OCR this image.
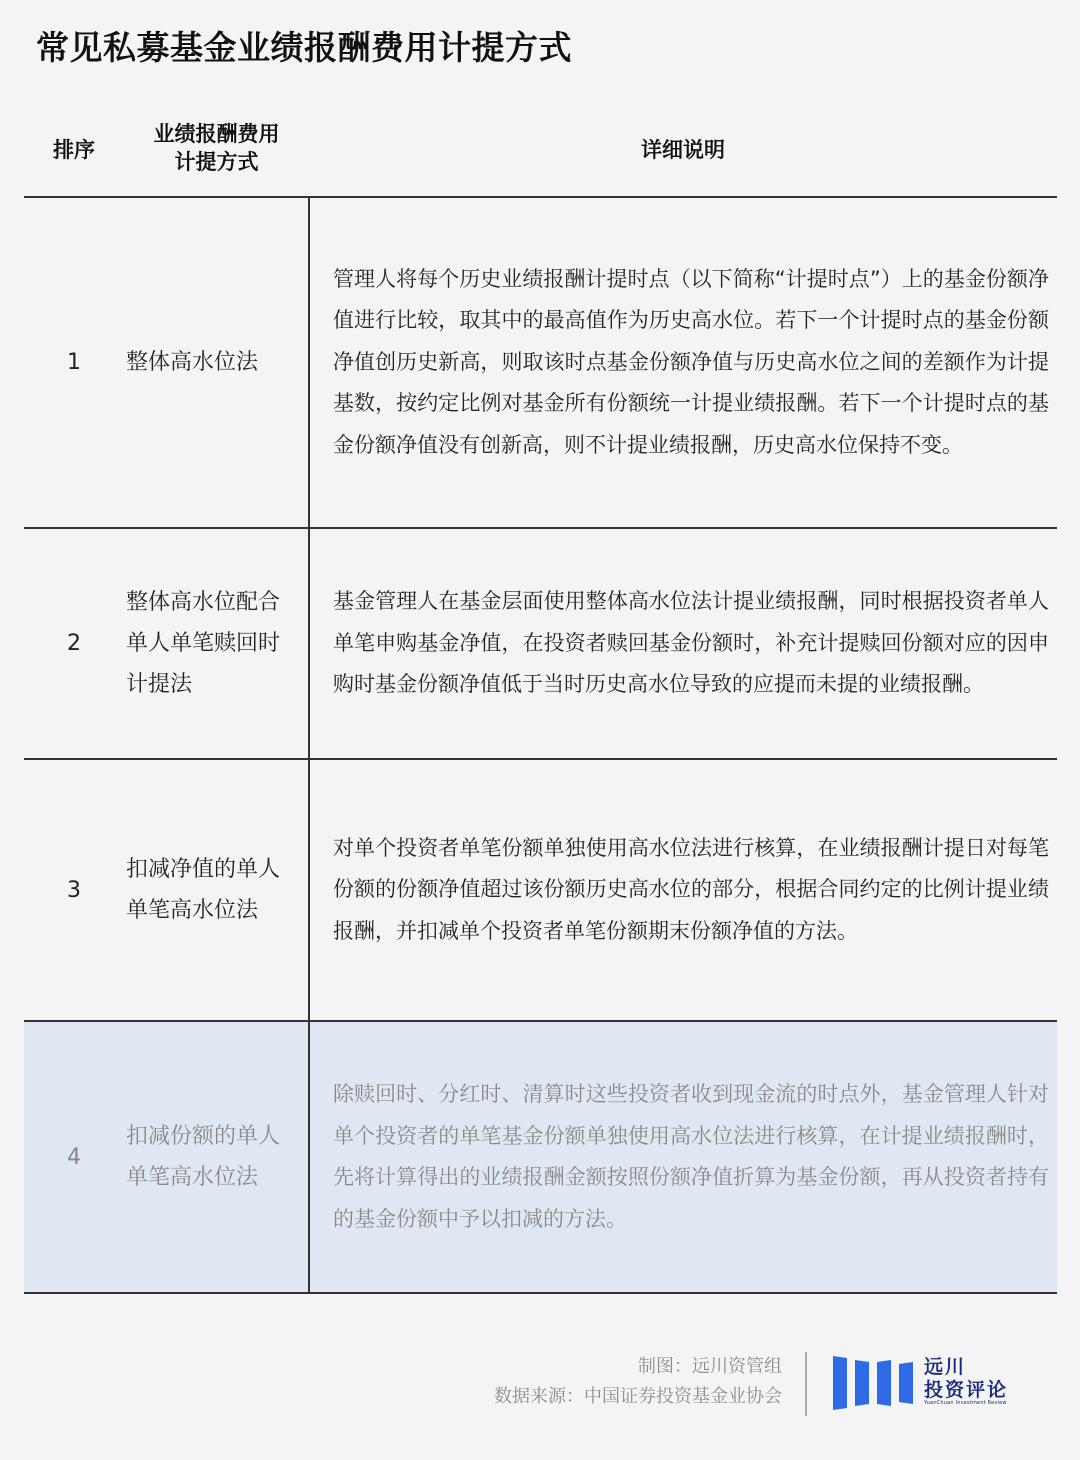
常见私募基金业绩报酬费用计提方式
排序
业绩报酬费用
计提方式	详细说明
1	整体高水位法
管理人将每个历史业绩报酬计提时点（以下简称“计提时点”）上的基金份额净值进行比较，取其中的最高值作为历史高水位。若下一个计提时点的基金份额净值创历史新高，则取该时点基金份额净值与历史高水位之间的差额作为计提基数，按约定比例对基金所有份额统一计提业绩报酬。若下一个计提时点的基金份额净值没有创新高，则不计提业绩报酬，历史高水位保持不变。
2
整体高水位配合单人单笔赎回时计提法
基金管理人在基金层面使用整体高水位法计提业绩报酬，同时根据投资者单人单笔申购基金净值，在投资者赎回基金份额时，补充计提赎回份额对应的因申购时基金份额净值低于当时历史高水位导致的应提而未提的业绩报酬。
3
扣减净值的单人单笔高水位法
对单个投资者单笔份额单独使用高水位法进行核算，在业绩报酬计提日对每笔份额的份额净值超过该份额历史高水位的部分，根据合同约定的比例计提业绩报酬，并扣减单个投资者单笔份额期末份额净值的方法。
4
扣减份额的单人单笔高水位法
除赎回时、分红时、清算时这些投资者收到现金流的时点外，基金管理人针对单个投资者的单笔基金份额单独使用高水位法进行核算，在计提业绩报酬时，先将计算得出的业绩报酬金额按照份额净值折算为基金份额，再从投资者持有的基金份额中予以扣减的方法。
制图：远川资管组
数据来源：中国证券投资基金业协会
远川
投资评论
YuanChuan Investment Review
